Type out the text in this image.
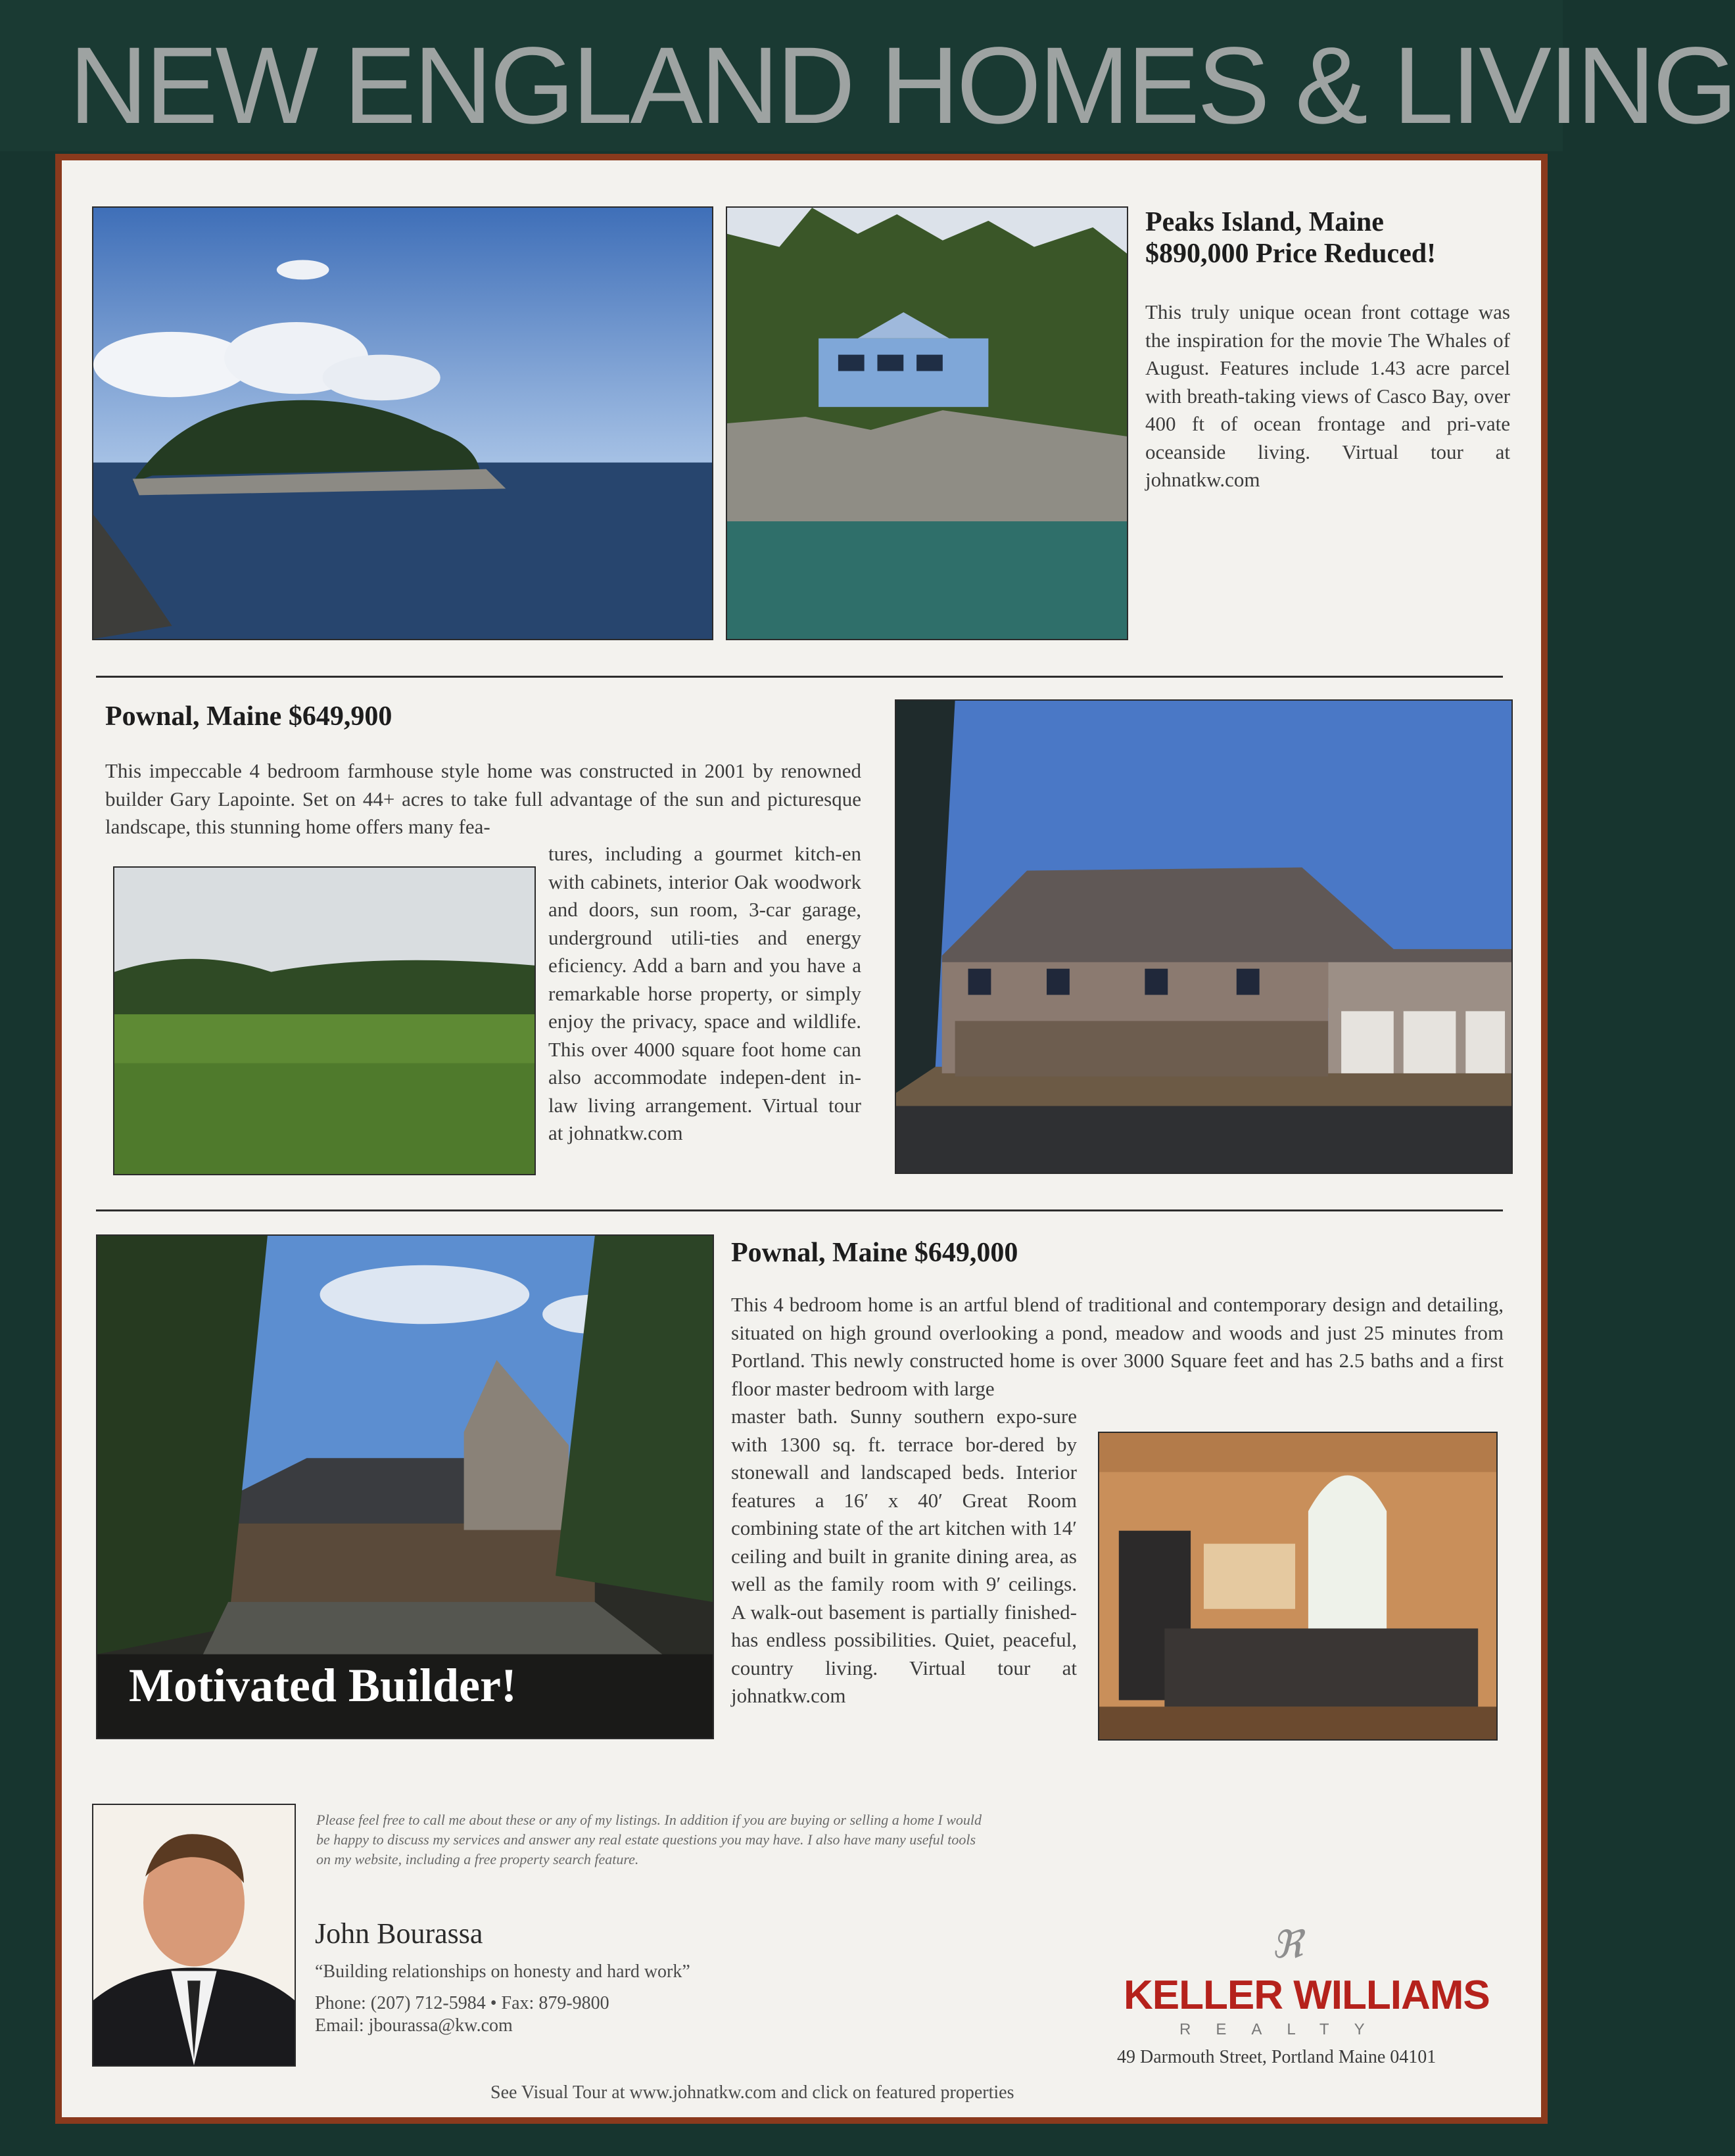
NEW ENGLAND HOMES & LIVING
Peaks Island, Maine
$890,000 Price Reduced!
This truly unique ocean front cottage was the inspiration for the movie The Whales of August. Features include 1.43 acre parcel with breath-taking views of Casco Bay, over 400 ft of ocean frontage and pri-vate oceanside living. Virtual tour at johnatkw.com
Pownal, Maine $649,900
This impeccable 4 bedroom farmhouse style home was constructed in 2001 by renowned builder Gary Lapointe. Set on 44+ acres to take full advantage of the sun and picturesque landscape, this stunning home offers many fea-
tures, including a gourmet kitch-en with cabinets, interior Oak woodwork and doors, sun room, 3-car garage, underground utili-ties and energy eficiency. Add a barn and you have a remarkable horse property, or simply enjoy the privacy, space and wildlife. This over 4000 square foot home can also accommodate indepen-dent in-law living arrangement. Virtual tour at johnatkw.com
Motivated Builder!
Pownal, Maine $649,000
This 4 bedroom home is an artful blend of traditional and contemporary design and detailing, situated on high ground overlooking a pond, meadow and woods and just 25 minutes from Portland. This newly constructed home is over 3000 Square feet and has 2.5 baths and a first floor master bedroom with large
master bath. Sunny southern expo-sure with 1300 sq. ft. terrace bor-dered by stonewall and landscaped beds. Interior features a 16′ x 40′ Great Room combining state of the art kitchen with 14′ ceiling and built in granite dining area, as well as the family room with 9′ ceilings. A walk-out basement is partially finished- has endless possibilities. Quiet, peaceful, country living. Virtual tour at johnatkw.com
Please feel free to call me about these or any of my listings. In addition if you are buying or selling a home I would be happy to discuss my services and answer any real estate questions you may have. I also have many useful tools on my website, including a free property search feature.
John Bourassa
“Building relationships on honesty and hard work”
Phone: (207) 712-5984 • Fax: 879-9800
Email: jbourassa@kw.com
ℜ
KELLER WILLIAMS
REALTY
49 Darmouth Street, Portland Maine 04101
See Visual Tour at www.johnatkw.com and click on featured properties
